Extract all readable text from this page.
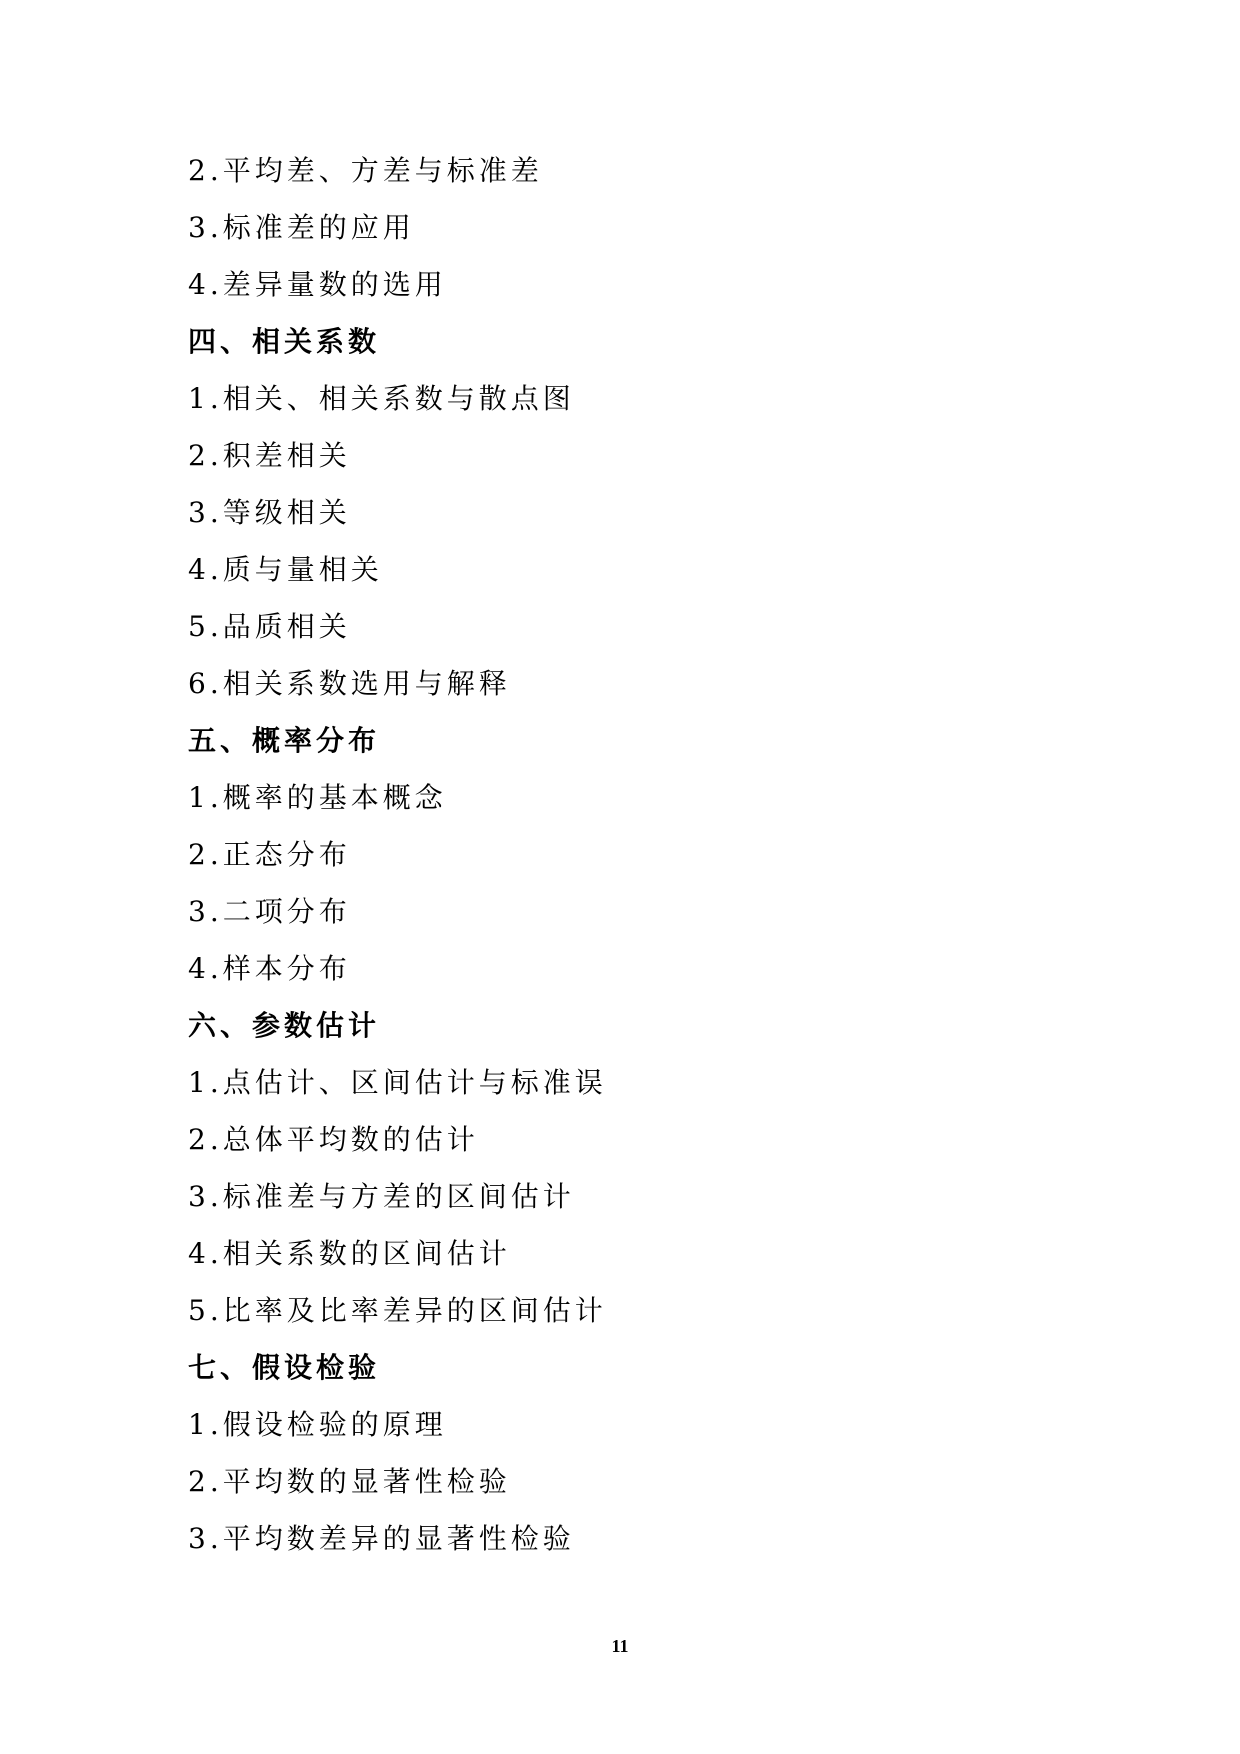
2.平均差、方差与标准差
3.标准差的应用
4.差异量数的选用
四、相关系数
1.相关、相关系数与散点图
2.积差相关
3.等级相关
4.质与量相关
5.品质相关
6.相关系数选用与解释
五、概率分布
1.概率的基本概念
2.正态分布
3.二项分布
4.样本分布
六、参数估计
1.点估计、区间估计与标准误
2.总体平均数的估计
3.标准差与方差的区间估计
4.相关系数的区间估计
5.比率及比率差异的区间估计
七、假设检验
1.假设检验的原理
2.平均数的显著性检验
3.平均数差异的显著性检验
11
